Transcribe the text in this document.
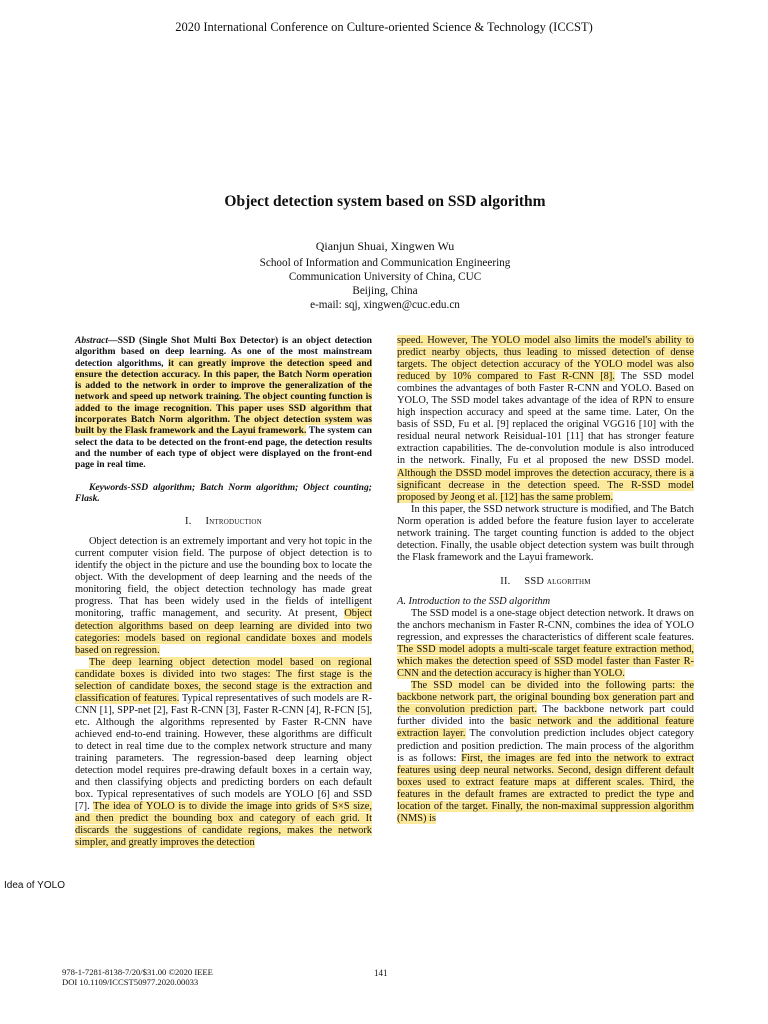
2020 International Conference on Culture-oriented Science & Technology (ICCST)
Object detection system based on SSD algorithm
Qianjun Shuai, Xingwen Wu
School of Information and Communication Engineering
Communication University of China, CUC
Beijing, China
e-mail: sqj, xingwen@cuc.edu.cn

Abstract—SSD (Single Shot Multi Box Detector) is an object detection algorithm based on deep learning. As one of the most mainstream detection algorithms, it can greatly improve the detection speed and ensure the detection accuracy. In this paper, the Batch Norm operation is added to the network in order to improve the generalization of the network and speed up network training. The object counting function is added to the image recognition. This paper uses SSD algorithm that incorporates Batch Norm algorithm. The object detection system was built by the Flask framework and the Layui framework. The system can select the data to be detected on the front-end page, the detection results and the number of each type of object were displayed on the front-end page in real time.

Keywords-SSD algorithm; Batch Norm algorithm; Object counting; Flask.

I. Introduction

Object detection is an extremely important and very hot topic in the current computer vision field. The purpose of object detection is to identify the object in the picture and use the bounding box to locate the object. With the development of deep learning and the needs of the monitoring field, the object detection technology has made great progress. That has been widely used in the fields of intelligent monitoring, traffic management, and security. At present, Object detection algorithms based on deep learning are divided into two categories: models based on regional candidate boxes and models based on regression.

The deep learning object detection model based on regional candidate boxes is divided into two stages: The first stage is the selection of candidate boxes, the second stage is the extraction and classification of features. Typical representatives of such models are R-CNN [1], SPP-net [2], Fast R-CNN [3], Faster R-CNN [4], R-FCN [5], etc. Although the algorithms represented by Faster R-CNN have achieved end-to-end training. However, these algorithms are difficult to detect in real time due to the complex network structure and many training parameters. The regression-based deep learning object detection model requires pre-drawing default boxes in a certain way, and then classifying objects and predicting borders on each default box. Typical representatives of such models are YOLO [6] and SSD [7]. The idea of YOLO is to divide the image into grids of S×S size, and then predict the bounding box and category of each grid. It discards the suggestions of candidate regions, makes the network simpler, and greatly improves the detection

speed. However, The YOLO model also limits the model's ability to predict nearby objects, thus leading to missed detection of dense targets. The object detection accuracy of the YOLO model was also reduced by 10% compared to Fast R-CNN [8]. The SSD model combines the advantages of both Faster R-CNN and YOLO. Based on YOLO, The SSD model takes advantage of the idea of RPN to ensure high inspection accuracy and speed at the same time. Later, On the basis of SSD, Fu et al. [9] replaced the original VGG16 [10] with the residual neural network Reisidual-101 [11] that has stronger feature extraction capabilities. The de-convolution module is also introduced in the network. Finally, Fu et al proposed the new DSSD model. Although the DSSD model improves the detection accuracy, there is a significant decrease in the detection speed. The R-SSD model proposed by Jeong et al. [12] has the same problem.

In this paper, the SSD network structure is modified, and The Batch Norm operation is added before the feature fusion layer to accelerate network training. The target counting function is added to the object detection. Finally, the usable object detection system was built through the Flask framework and the Layui framework.

II. SSD algorithm

A. Introduction to the SSD algorithm

The SSD model is a one-stage object detection network. It draws on the anchors mechanism in Faster R-CNN, combines the idea of YOLO regression, and expresses the characteristics of different scale features. The SSD model adopts a multi-scale target feature extraction method, which makes the detection speed of SSD model faster than Faster R-CNN and the detection accuracy is higher than YOLO.

The SSD model can be divided into the following parts: the backbone network part, the original bounding box generation part and the convolution prediction part. The backbone network part could further divided into the basic network and the additional feature extraction layer. The convolution prediction includes object category prediction and position prediction. The main process of the algorithm is as follows: First, the images are fed into the network to extract features using deep neural networks. Second, design different default boxes used to extract feature maps at different scales. Third, the features in the default frames are extracted to predict the type and location of the target. Finally, the non-maximal suppression algorithm (NMS) is

Idea of YOLO
978-1-7281-8138-7/20/$31.00 ©2020 IEEE
DOI 10.1109/ICCST50977.2020.00033
141
